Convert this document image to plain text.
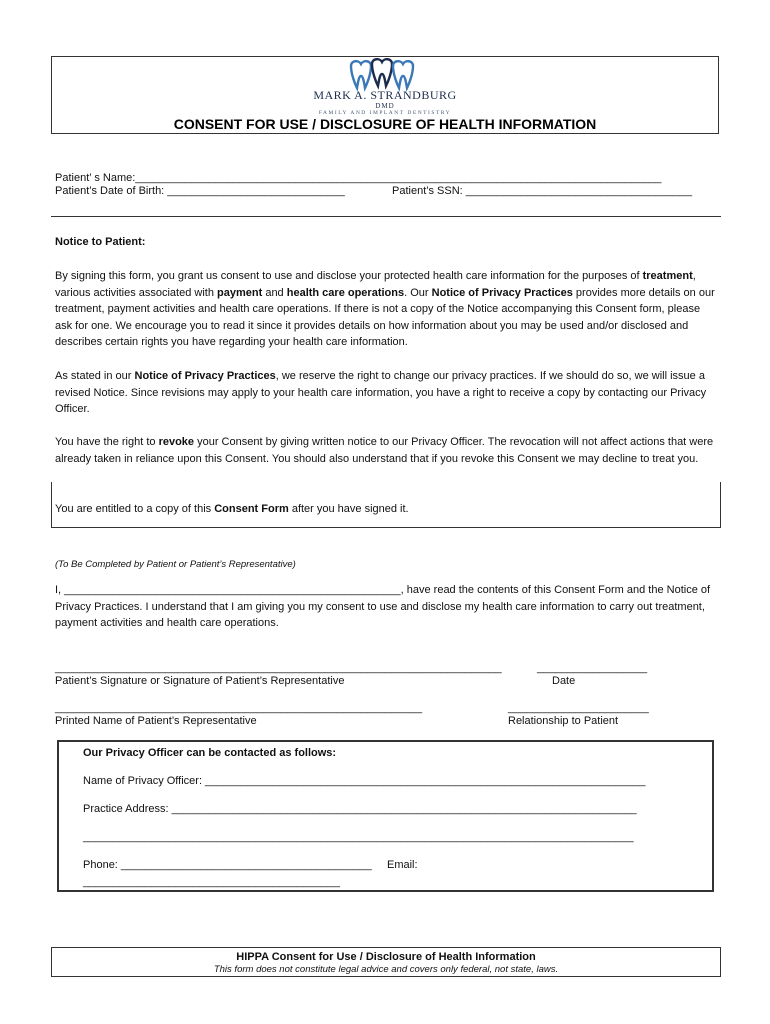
MARK A. STRANDBURG
DMD
FAMILY AND IMPLANT DENTISTRY
CONSENT FOR USE / DISCLOSURE OF HEALTH INFORMATION
Patient’ s Name:______________________________________________________________________________________
Patient’s Date of Birth: _____________________________	Patient’s SSN: _____________________________________
Notice to Patient:
By signing this form, you grant us consent to use and disclose your protected health care information for the purposes of treatment, various activities associated with payment and health care operations. Our Notice of Privacy Practices provides more details on our treatment, payment activities and health care operations. If there is not a copy of the Notice accompanying this Consent form, please ask for one. We encourage you to read it since it provides details on how information about you may be used and/or disclosed and describes certain rights you have regarding your health care information.
As stated in our Notice of Privacy Practices, we reserve the right to change our privacy practices. If we should do so, we will issue a revised Notice. Since revisions may apply to your health care information, you have a right to receive a copy by contacting our Privacy Officer.
You have the right to revoke your Consent by giving written notice to our Privacy Officer. The revocation will not affect actions that were already taken in reliance upon this Consent. You should also understand that if you revoke this Consent we may decline to treat you.
You are entitled to a copy of this Consent Form after you have signed it.
(To Be Completed by Patient or Patient’s Representative)
I, _______________________________________________________, have read the contents of this Consent Form and the Notice of Privacy Practices. I understand that I am giving you my consent to use and disclose my health care information to carry out treatment, payment activities and health care operations.
_________________________________________________________________________	__________________
Patient’s Signature or Signature of Patient’s Representative	Date
____________________________________________________________	_______________________
Printed Name of Patient’s Representative	Relationship to Patient
Our Privacy Officer can be contacted as follows:
Name of Privacy Officer: ________________________________________________________________________
Practice Address: ____________________________________________________________________________
__________________________________________________________________________________________
Phone: _________________________________________ Email:
__________________________________________
HIPPA Consent for Use / Disclosure of Health Information
This form does not constitute legal advice and covers only federal, not state, laws.
